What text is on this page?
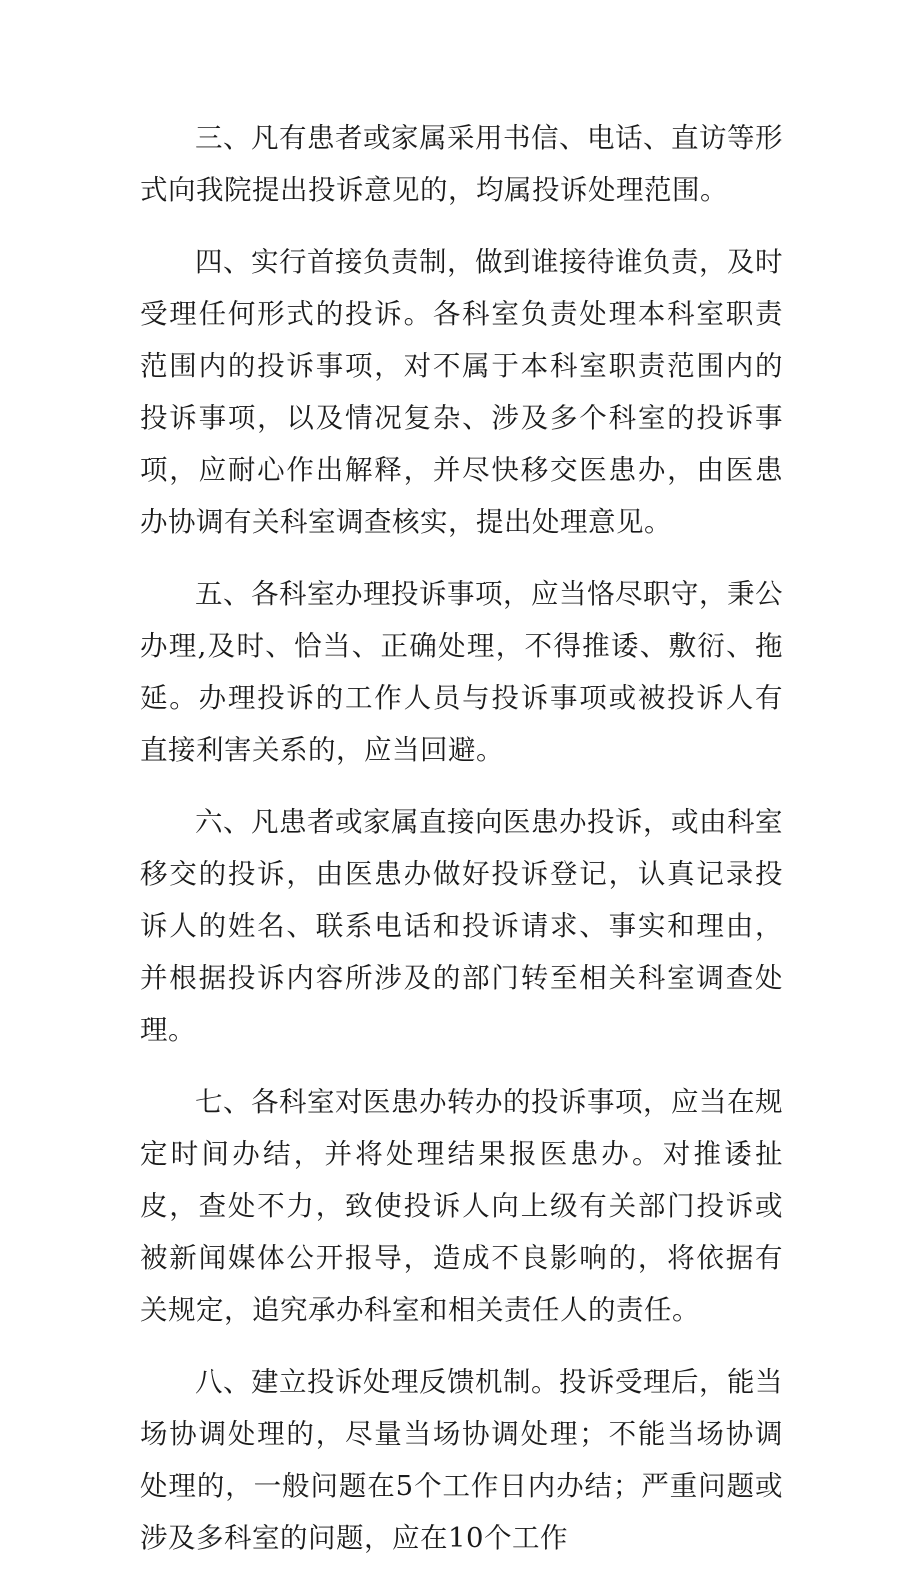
三、凡有患者或家属采用书信、电话、直访等形式向我院提出投诉意见的，均属投诉处理范围。

四、实行首接负责制，做到谁接待谁负责，及时受理任何形式的投诉。各科室负责处理本科室职责范围内的投诉事项，对不属于本科室职责范围内的投诉事项，以及情况复杂、涉及多个科室的投诉事项，应耐心作出解释，并尽快移交医患办，由医患办协调有关科室调查核实，提出处理意见。

五、各科室办理投诉事项，应当恪尽职守，秉公办理,及时、恰当、正确处理，不得推诿、敷衍、拖延。办理投诉的工作人员与投诉事项或被投诉人有直接利害关系的，应当回避。

六、凡患者或家属直接向医患办投诉，或由科室移交的投诉，由医患办做好投诉登记，认真记录投诉人的姓名、联系电话和投诉请求、事实和理由，并根据投诉内容所涉及的部门转至相关科室调查处理。

七、各科室对医患办转办的投诉事项，应当在规定时间办结，并将处理结果报医患办。对推诿扯皮，查处不力，致使投诉人向上级有关部门投诉或被新闻媒体公开报导，造成不良影响的，将依据有关规定，追究承办科室和相关责任人的责任。

八、建立投诉处理反馈机制。投诉受理后，能当场协调处理的，尽量当场协调处理；不能当场协调处理的，一般问题在5个工作日内办结；严重问题或涉及多科室的问题，应在10个工作
